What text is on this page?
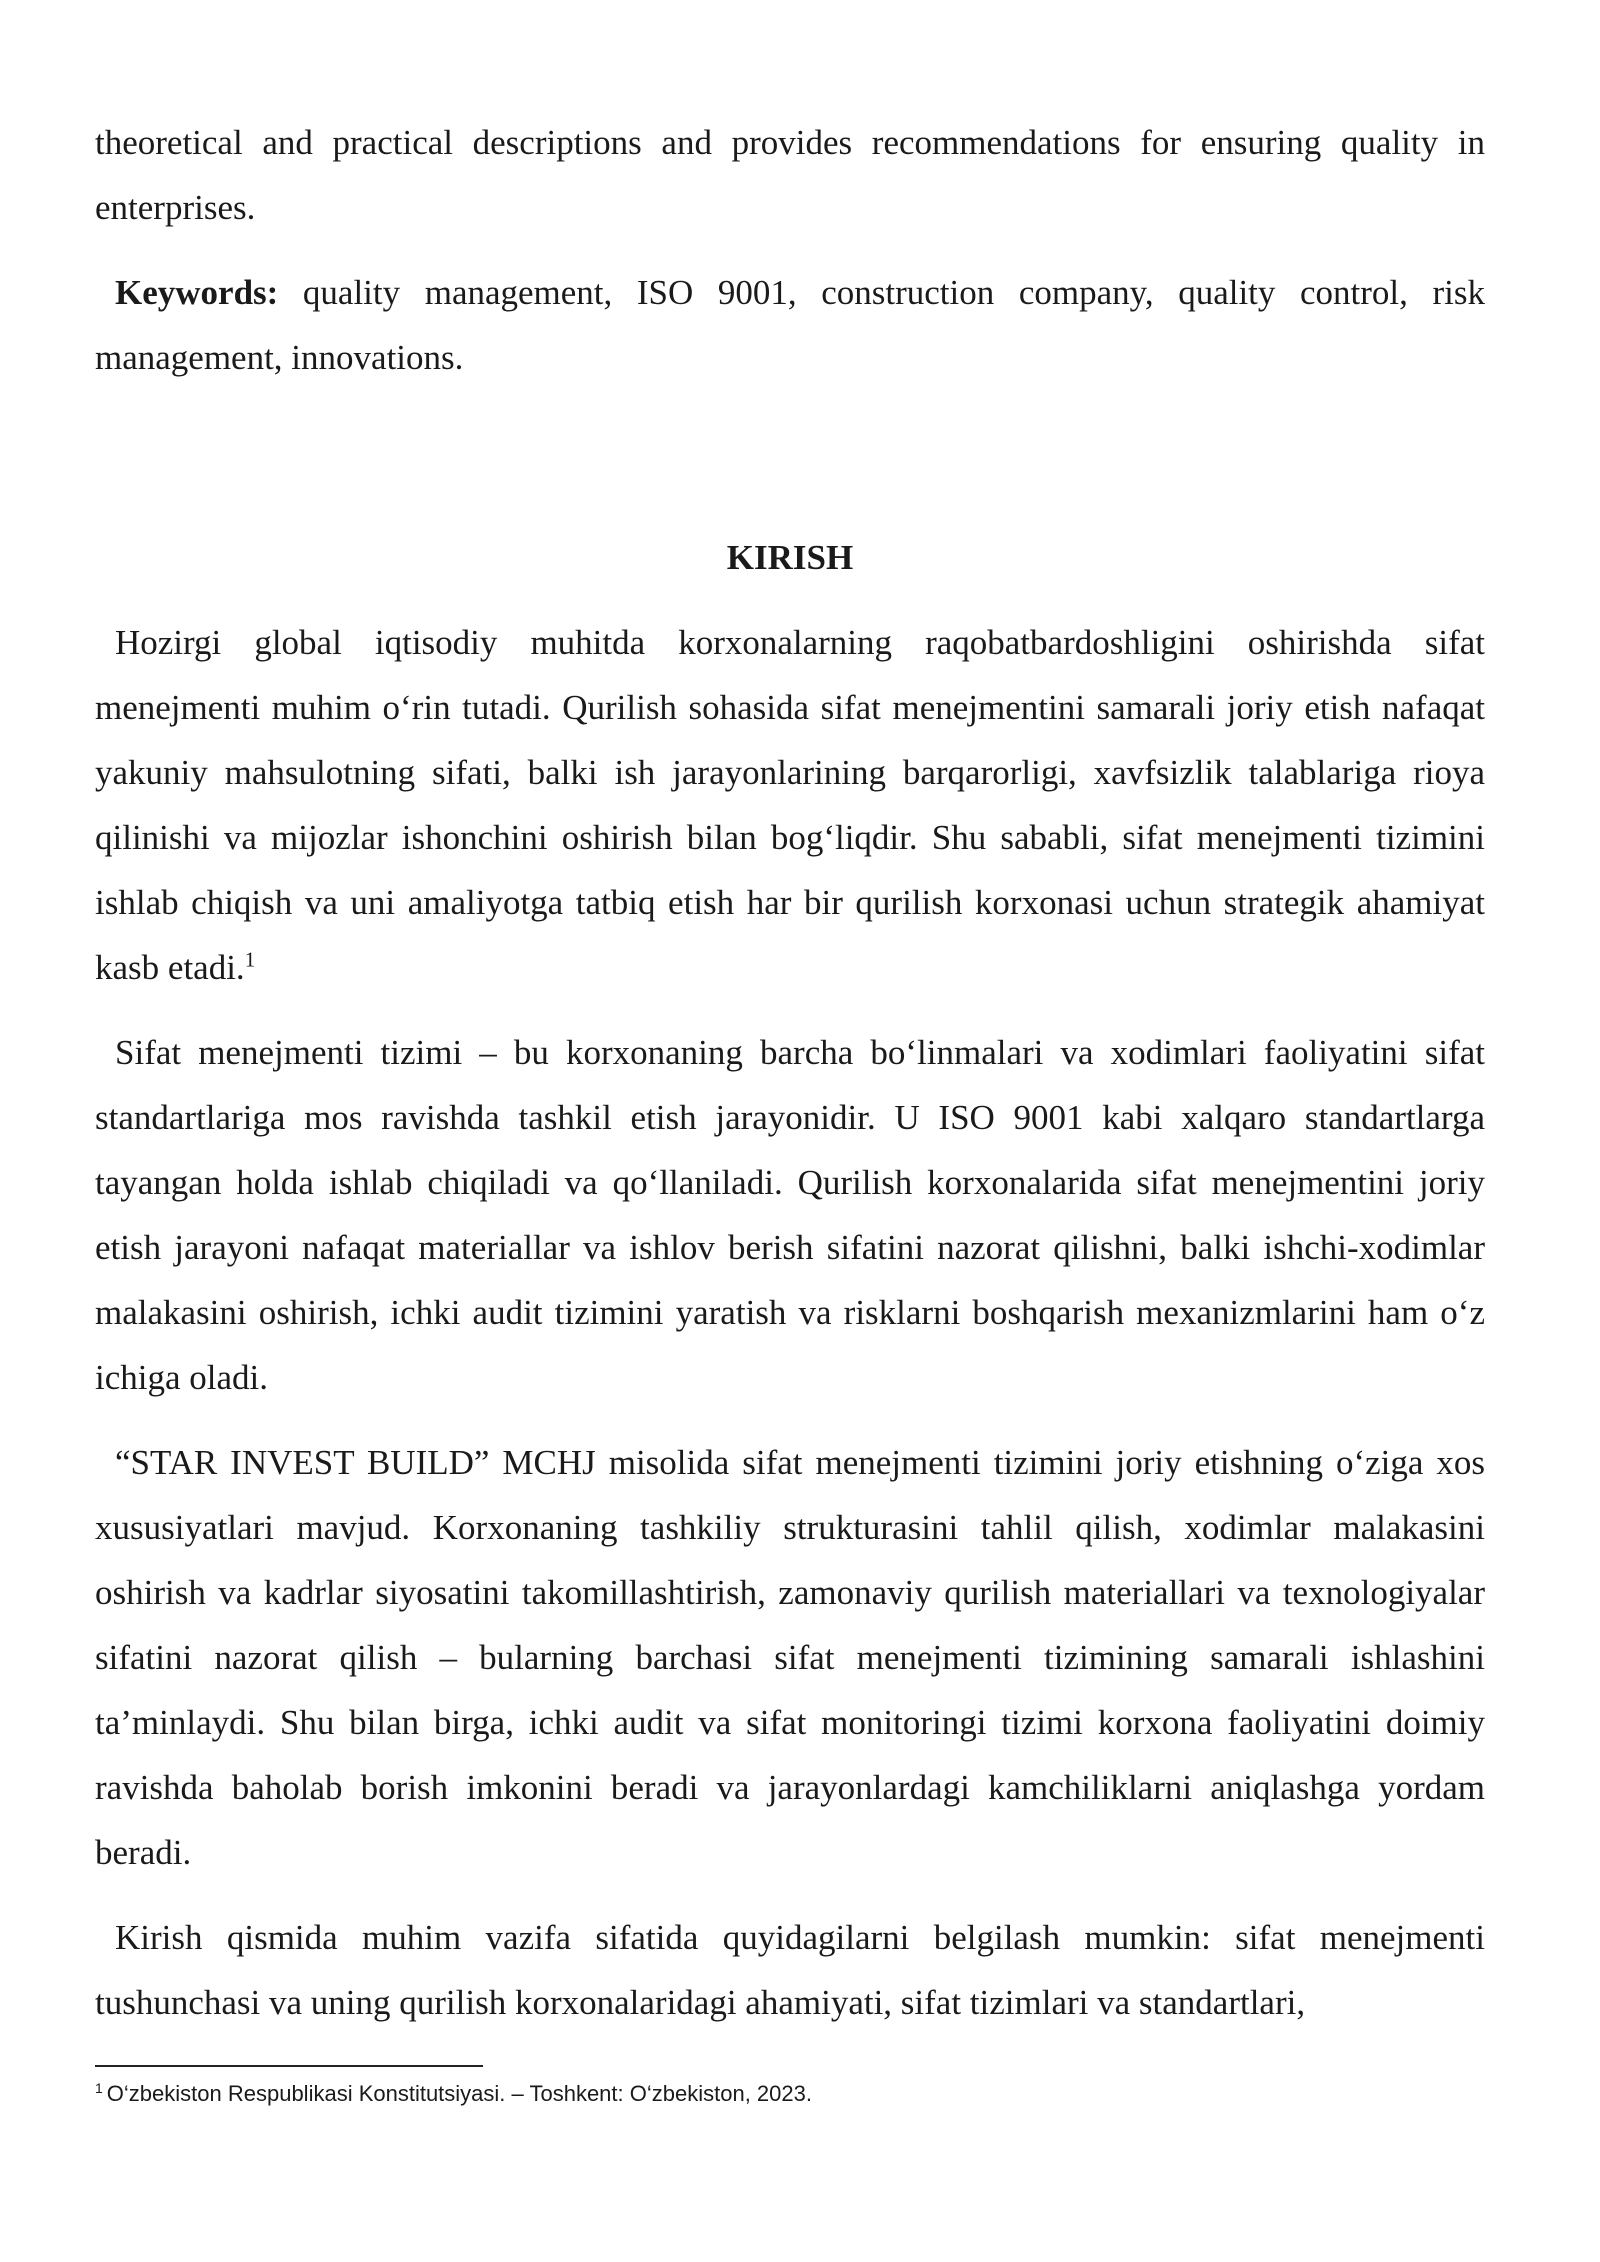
theoretical and practical descriptions and provides recommendations for ensuring quality in enterprises.

Keywords: quality management, ISO 9001, construction company, quality control, risk management, innovations.

KIRISH

Hozirgi global iqtisodiy muhitda korxonalarning raqobatbardoshligini oshirishda sifat menejmenti muhim o‘rin tutadi. Qurilish sohasida sifat menejmentini samarali joriy etish nafaqat yakuniy mahsulotning sifati, balki ish jarayonlarining barqarorligi, xavfsizlik talablariga rioya qilinishi va mijozlar ishonchini oshirish bilan bog‘liqdir. Shu sababli, sifat menejmenti tizimini ishlab chiqish va uni amaliyotga tatbiq etish har bir qurilish korxonasi uchun strategik ahamiyat kasb etadi.$^1$

Sifat menejmenti tizimi – bu korxonaning barcha bo‘linmalari va xodimlari faoliyatini sifat standartlariga mos ravishda tashkil etish jarayonidir. U ISO 9001 kabi xalqaro standartlarga tayangan holda ishlab chiqiladi va qo‘llaniladi. Qurilish korxonalarida sifat menejmentini joriy etish jarayoni nafaqat materiallar va ishlov berish sifatini nazorat qilishni, balki ishchi-xodimlar malakasini oshirish, ichki audit tizimini yaratish va risklarni boshqarish mexanizmlarini ham o‘z ichiga oladi.

“STAR INVEST BUILD” MCHJ misolida sifat menejmenti tizimini joriy etishning o‘ziga xos xususiyatlari mavjud. Korxonaning tashkiliy strukturasini tahlil qilish, xodimlar malakasini oshirish va kadrlar siyosatini takomillashtirish, zamonaviy qurilish materiallari va texnologiyalar sifatini nazorat qilish – bularning barchasi sifat menejmenti tizimining samarali ishlashini ta’minlaydi. Shu bilan birga, ichki audit va sifat monitoringi tizimi korxona faoliyatini doimiy ravishda baholab borish imkonini beradi va jarayonlardagi kamchiliklarni aniqlashga yordam beradi.

Kirish qismida muhim vazifa sifatida quyidagilarni belgilash mumkin: sifat menejmenti tushunchasi va uning qurilish korxonalaridagi ahamiyati, sifat tizimlari va standartlari,

$^1$ O‘zbekiston Respublikasi Konstitutsiyasi. – Toshkent: O‘zbekiston, 2023.
